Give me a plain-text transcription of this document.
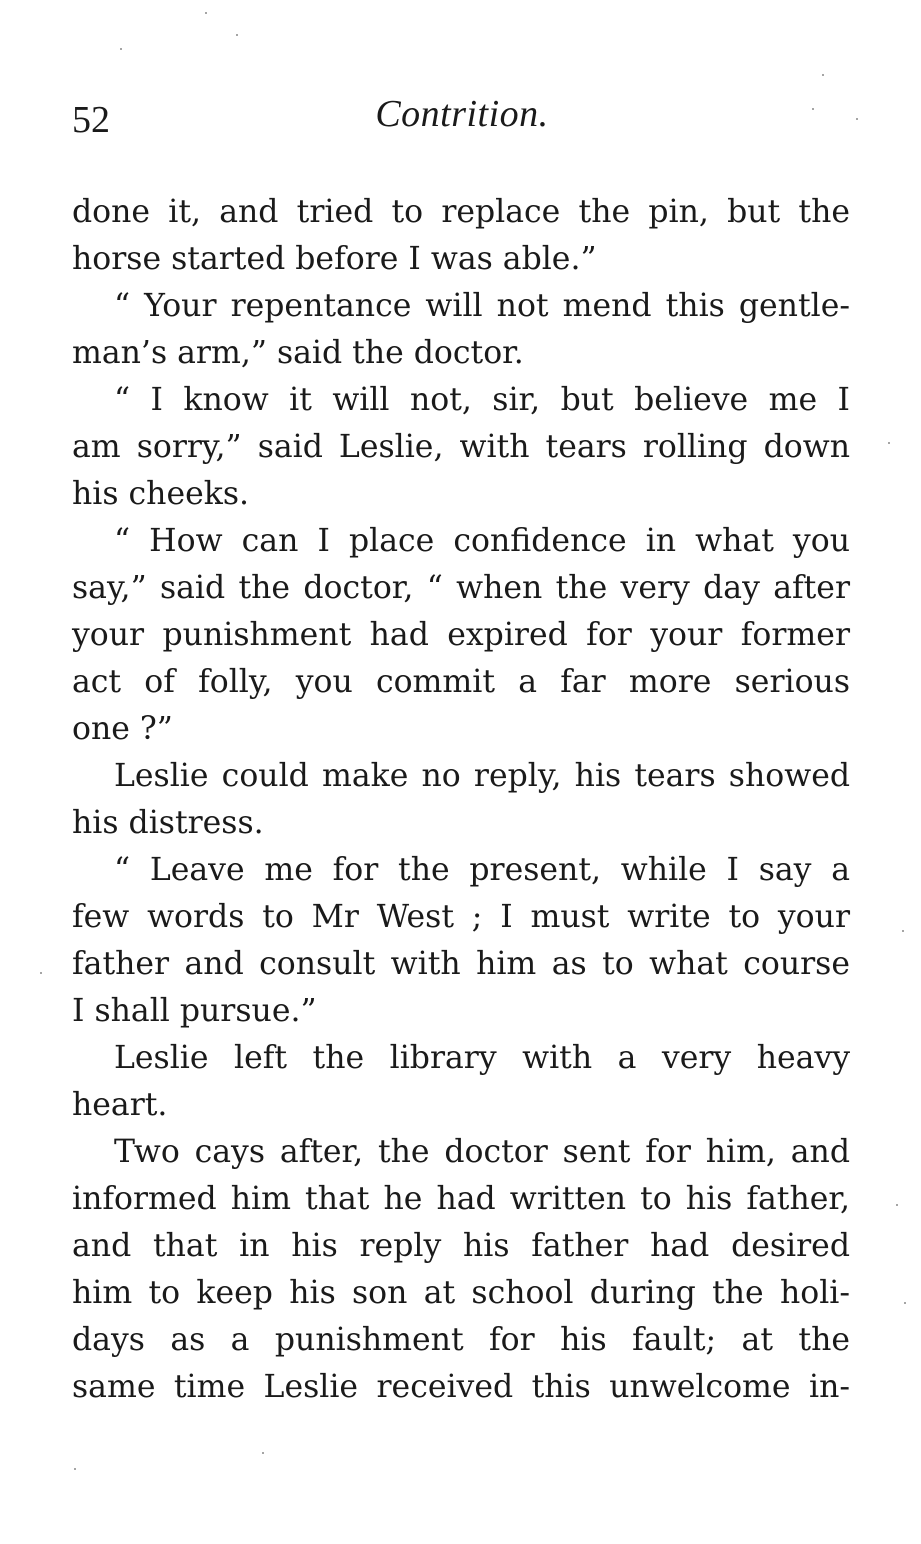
52	Contrition.
done it, and tried to replace the pin, but the
horse started before I was able.”
“ Your repentance will not mend this gentle-
man’s arm,” said the doctor.
“ I know it will not, sir, but believe me I
am sorry,” said Leslie, with tears rolling down
his cheeks.
“ How can I place confidence in what you
say,” said the doctor, “ when the very day after
your punishment had expired for your former
act of folly, you commit a far more serious
one ?”
Leslie could make no reply, his tears showed
his distress.
“ Leave me for the present, while I say a
few words to Mr West ; I must write to your
father and consult with him as to what course
I shall pursue.”
Leslie left the library with a very heavy
heart.
Two cays after, the doctor sent for him, and
informed him that he had written to his father,
and that in his reply his father had desired
him to keep his son at school during the holi-
days as a punishment for his fault; at the
same time Leslie received this unwelcome in-
